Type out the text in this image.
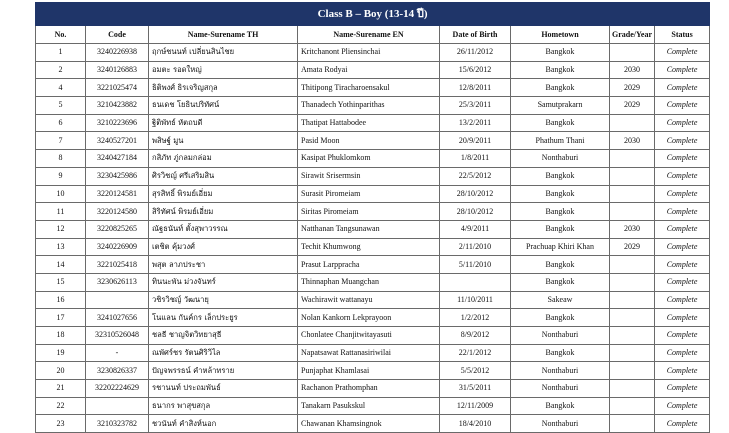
Class B – Boy (13-14 ปี)							
No.	Code	Name-Surename TH	Name-Surename EN	Date of Birth	Hometown	Grade/Year	Status
1	3240226938	ฤกษ์ชนนท์ เปลี่ยนสินไชย	Kritchanont Pliensinchai	26/11/2012	Bangkok		Complete
2	3240126883	อมตะ รอดใหญ่	Amata Rodyai	15/6/2012	Bangkok	2030	Complete
4	3221025474	ธิติพงศ์ ธิรเจริญสกุล	Thitipong Tiracharoensakul	12/8/2011	Bangkok	2029	Complete
5	3210423882	ธนเดช โยธินปริทัศน์	Thanadech Yothinparithas	25/3/2011	Samutprakarn	2029	Complete
6	3210223696	ฐิติพัทธ์ หัตถบดี	Thatipat Hattabodee	13/2/2011	Bangkok		Complete
7	3240527201	พสิษฐ์ มูน	Pasid Moon	20/9/2011	Phathum Thani	2030	Complete
8	3240427184	กสิภัท ภู่กลมกล่อม	Kasipat Phuklomkom	1/8/2011	Nonthaburi		Complete
9	3230425986	ศิรวิชญ์ ศรีเสริมสิน	Sirawit Srisermsin	22/5/2012	Bangkok		Complete
10	3220124581	สุรสิทธิ์ พิรมย์เอี่ยม	Surasit Piromeiam	28/10/2012	Bangkok		Complete
11	3220124580	สิริทัศน์ พิรมย์เอี่ยม	Siritas Piromeiam	28/10/2012	Bangkok		Complete
12	3220825265	ณัฐธนันท์ ตั้งสุพาวรรณ	Natthanan Tangsunawan	4/9/2011	Bangkok	2030	Complete
13	3240226909	เตชิต คุ้มวงศ์	Techit Khumwong	2/11/2010	Prachuap Khiri Khan	2029	Complete
14	3221025418	พสุต ลาภประชา	Prasut Larppracha	5/11/2010	Bangkok		Complete
15	3230626113	ทินนะพัน ม่วงจันทร์	Thinnaphan Muangchan		Bangkok		Complete
16		วชิรวิชญ์ วัฒนายุ	Wachirawit wattanayu	11/10/2011	Sakeaw		Complete
17	3241027656	โนแลน กันค์กร เล็กประยูร	Nolan Kankorn Lekprayoon	1/2/2012	Bangkok		Complete
18	32310526048	ชลธี ชาญจิตวิทยาสุธี	Chonlatee Chanjitwitayasuti	8/9/2012	Nonthaburi		Complete
19	-	ณพัศร์ชร รัตนศิริวิไล	Napatsawat Rattanasiriwilai	22/1/2012	Bangkok		Complete
20	3230826337	ปัญจพรรธน์ คำหล้าทราย	Punjaphat Khamlasai	5/5/2012	Nonthaburi		Complete
21	32202224629	รชานนท์ ประถมพันธ์	Rachanon Prathomphan	31/5/2011	Nonthaburi		Complete
22		ธนากร พาสุขสกุล	Tanakarn Pasukskul	12/11/2009	Bangkok		Complete
23	3210323782	ชวนันท์ คำสิงห์นอก	Chawanan Khamsingnok	18/4/2010	Nonthaburi		Complete
